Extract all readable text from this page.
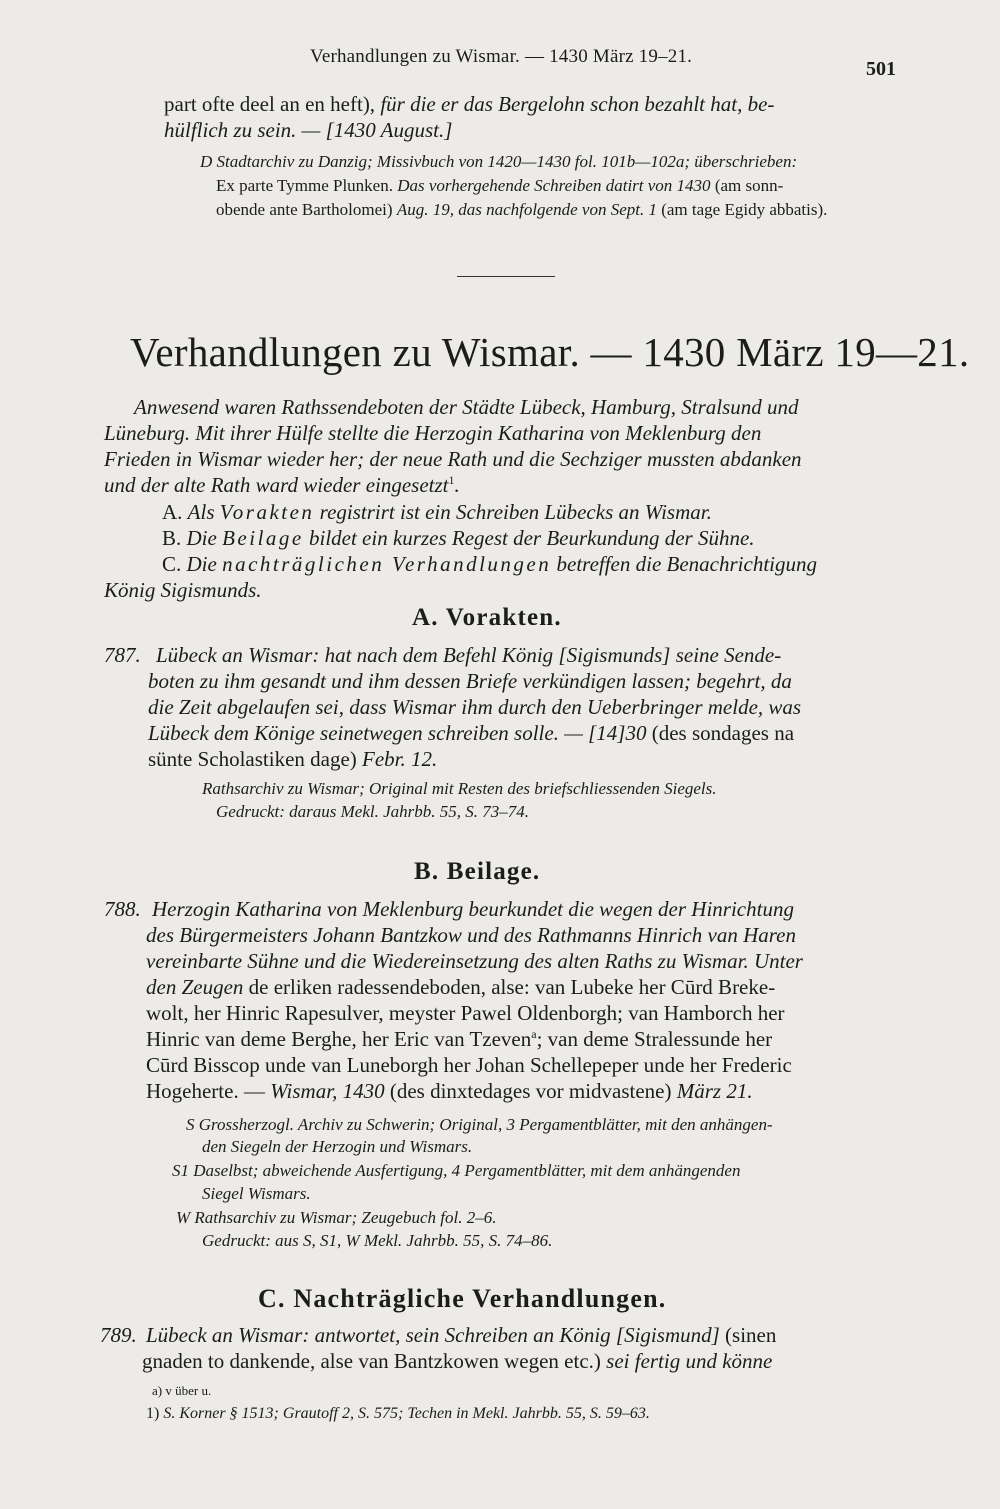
Verhandlungen zu Wismar. — 1430 März 19–21.
501
part ofte deel an en heft), für die er das Bergelohn schon bezahlt hat, be-
hülflich zu sein. — [1430 August.]
D Stadtarchiv zu Danzig; Missivbuch von 1420—1430 fol. 101b—102a; überschrieben:
Ex parte Tymme Plunken. Das vorhergehende Schreiben datirt von 1430 (am sonn-
obende ante Bartholomei) Aug. 19, das nachfolgende von Sept. 1 (am tage Egidy abbatis).
Verhandlungen zu Wismar. — 1430 März 19—21.
Anwesend waren Rathssendeboten der Städte Lübeck, Hamburg, Stralsund und
Lüneburg. Mit ihrer Hülfe stellte die Herzogin Katharina von Meklenburg den
Frieden in Wismar wieder her; der neue Rath und die Sechziger mussten abdanken
und der alte Rath ward wieder eingesetzt$^1$.
A. Als Vorakten registrirt ist ein Schreiben Lübecks an Wismar.
B. Die Beilage bildet ein kurzes Regest der Beurkundung der Sühne.
C. Die nachträglichen Verhandlungen betreffen die Benachrichtigung
König Sigismunds.
A. Vorakten.
787. Lübeck an Wismar: hat nach dem Befehl König [Sigismunds] seine Sende-
boten zu ihm gesandt und ihm dessen Briefe verkündigen lassen; begehrt, da
die Zeit abgelaufen sei, dass Wismar ihm durch den Ueberbringer melde, was
Lübeck dem Könige seinetwegen schreiben solle. — [14]30 (des sondages na
sünte Scholastiken dage) Febr. 12.
Rathsarchiv zu Wismar; Original mit Resten des briefschliessenden Siegels.
Gedruckt: daraus Mekl. Jahrbb. 55, S. 73–74.
B. Beilage.
788. Herzogin Katharina von Meklenburg beurkundet die wegen der Hinrichtung
des Bürgermeisters Johann Bantzkow und des Rathmanns Hinrich van Haren
vereinbarte Sühne und die Wiedereinsetzung des alten Raths zu Wismar. Unter
den Zeugen de erliken radessendeboden, alse: van Lubeke her Cūrd Breke-
wolt, her Hinric Rapesulver, meyster Pawel Oldenborgh; van Hamborch her
Hinric van deme Berghe, her Eric van Tzeven$^a$; van deme Stralessunde her
Cūrd Bisscop unde van Luneborgh her Johan Schellepeper unde her Frederic
Hogeherte. — Wismar, 1430 (des dinxtedages vor midvastene) März 21.
S Grossherzogl. Archiv zu Schwerin; Original, 3 Pergamentblätter, mit den anhängen-
den Siegeln der Herzogin und Wismars.
S1 Daselbst; abweichende Ausfertigung, 4 Pergamentblätter, mit dem anhängenden
Siegel Wismars.
W Rathsarchiv zu Wismar; Zeugebuch fol. 2–6.
Gedruckt: aus S, S1, W Mekl. Jahrbb. 55, S. 74–86.
C. Nachträgliche Verhandlungen.
789. Lübeck an Wismar: antwortet, sein Schreiben an König [Sigismund] (sinen
gnaden to dankende, alse van Bantzkowen wegen etc.) sei fertig und könne
a) v über u.
1) S. Korner § 1513; Grautoff 2, S. 575; Techen in Mekl. Jahrbb. 55, S. 59–63.
